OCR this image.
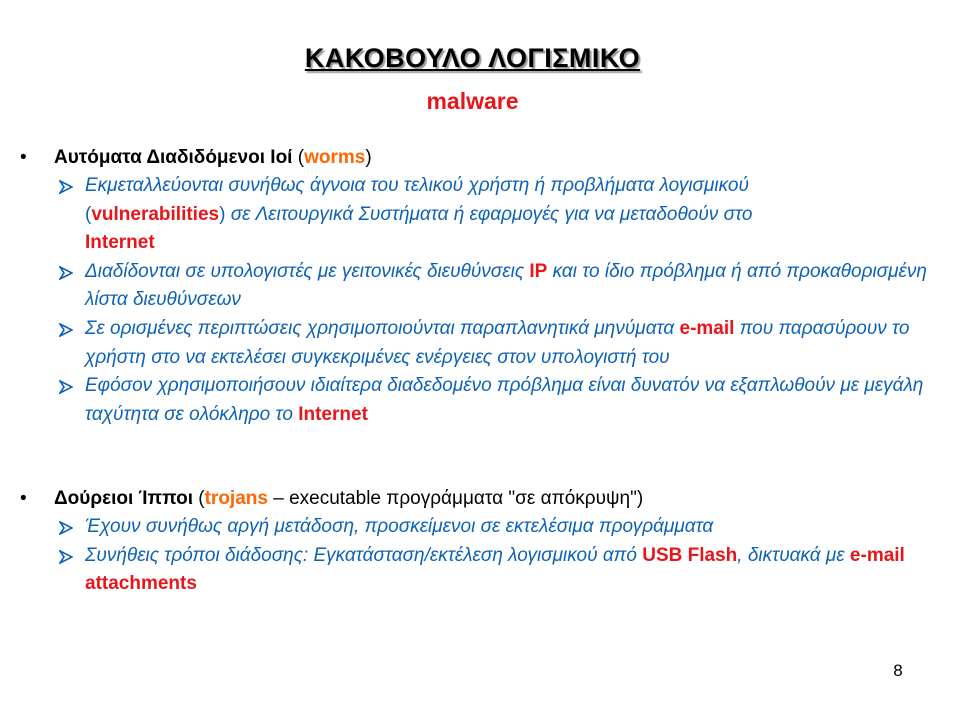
ΚΑΚΟΒΟΥΛΟ ΛΟΓΙΣΜΙΚΟ
malware
• Αυτόματα Διαδιδόμενοι Ιοί (worms)
Εκμεταλλεύονται συνήθως άγνοια του τελικού χρήστη ή προβλήματα λογισμικού
(vulnerabilities) σε Λειτουργικά Συστήματα ή εφαρμογές για να μεταδοθούν στο
Internet
Διαδίδονται σε υπολογιστές με γειτονικές διευθύνσεις IP και το ίδιο πρόβλημα ή από προκαθορισμένη λίστα διευθύνσεων
Σε ορισμένες περιπτώσεις χρησιμοποιούνται παραπλανητικά μηνύματα e-mail που παρασύρουν το χρήστη στο να εκτελέσει συγκεκριμένες ενέργειες στον υπολογιστή του
Εφόσον χρησιμοποιήσουν ιδιαίτερα διαδεδομένο πρόβλημα είναι δυνατόν να εξαπλωθούν με μεγάλη ταχύτητα σε ολόκληρο το Internet
• Δούρειοι Ίπποι (trojans – executable προγράμματα "σε απόκρυψη")
Έχουν συνήθως αργή μετάδοση, προσκείμενοι σε εκτελέσιμα προγράμματα
Συνήθεις τρόποι διάδοσης: Εγκατάσταση/εκτέλεση λογισμικού από USB Flash, δικτυακά με e-mail attachments
8
